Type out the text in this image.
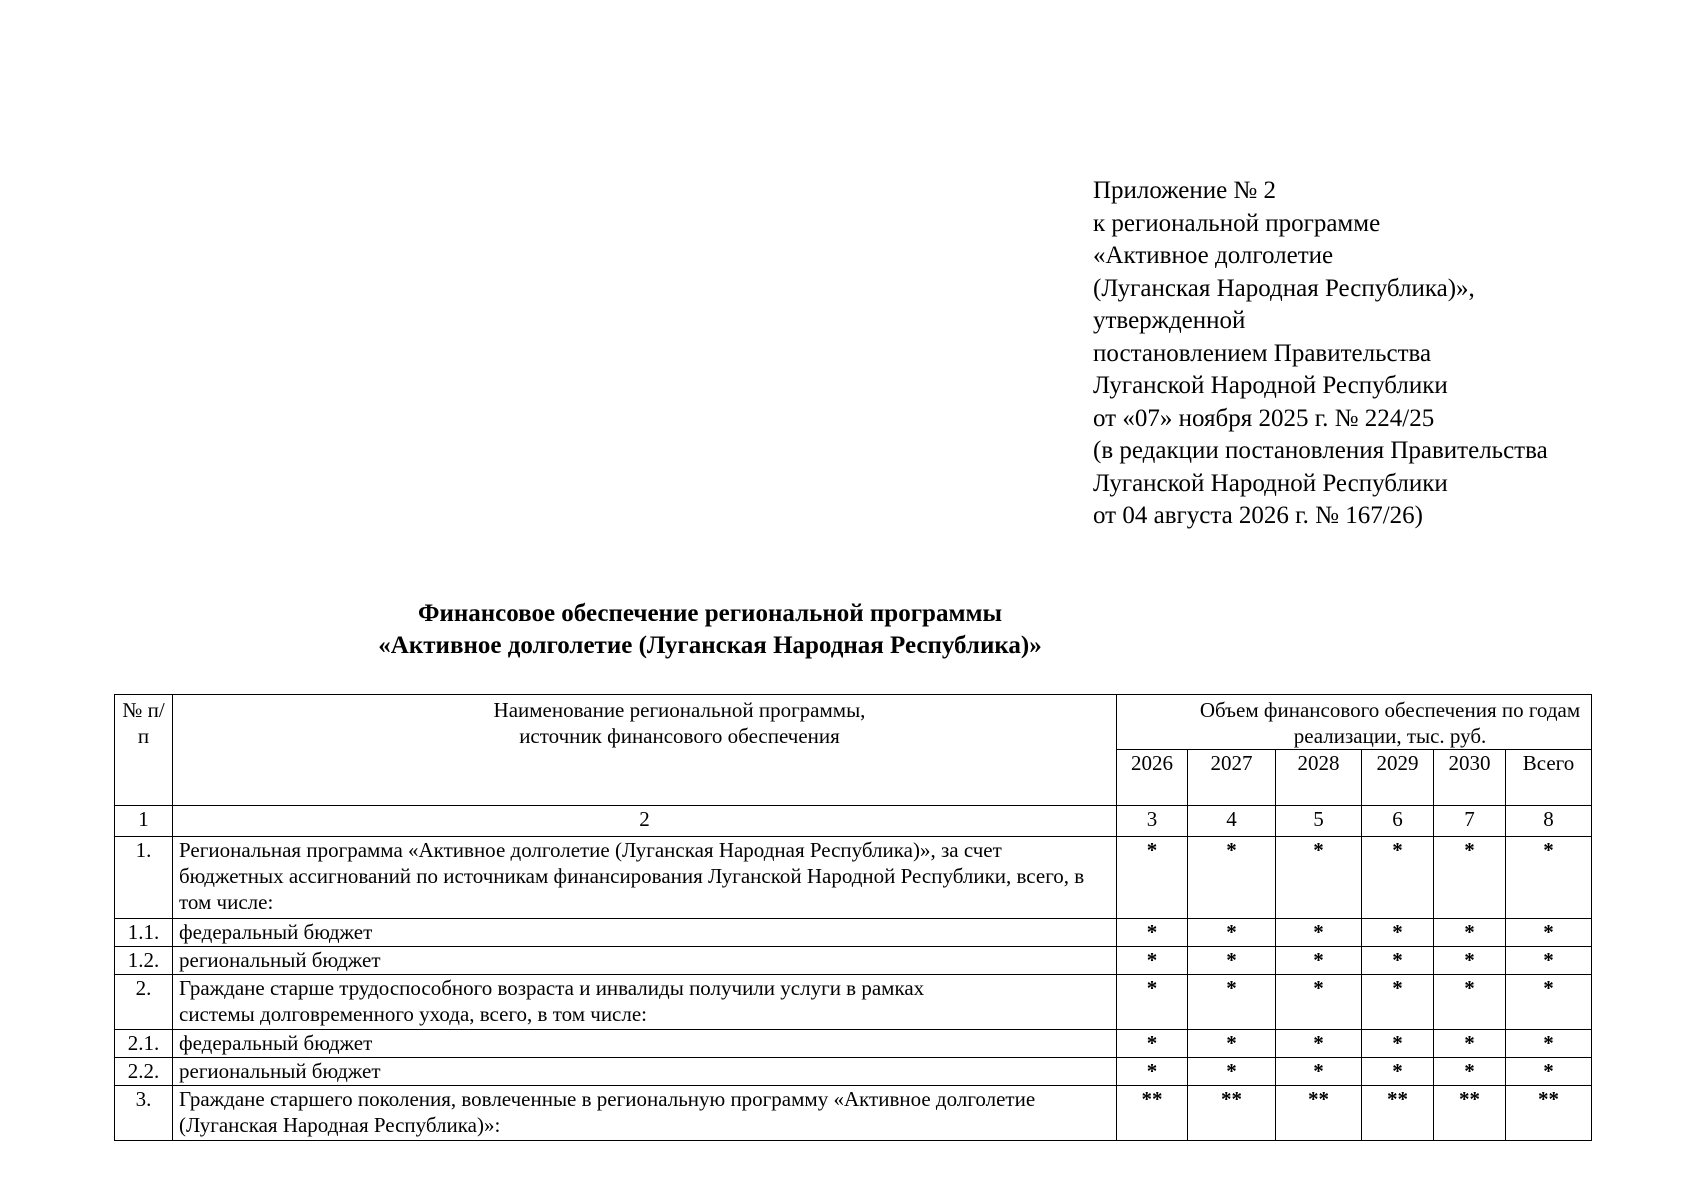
Приложение № 2
к региональной программе
«Активное долголетие
(Луганская Народная Республика)»,
утвержденной
постановлением Правительства
Луганской Народной Республики
от «07» ноября 2025 г. № 224/25
(в редакции постановления Правительства
Луганской Народной Республики
от 04 августа 2026 г. № 167/26)
Финансовое обеспечение региональной программы
«Активное долголетие (Луганская Народная Республика)»
№ п/п	Наименование региональной программы, источник финансового обеспечения	Объем финансового обеспечения по годам реализации, тыс. руб.					
		2026	2027	2028	2029	2030	Всего
1	2	3	4	5	6	7	8
1.	Региональная программа «Активное долголетие (Луганская Народная Республика)», за счет бюджетных ассигнований по источникам финансирования Луганской Народной Республики, всего, в том числе:	*	*	*	*	*	*
1.1.	федеральный бюджет	*	*	*	*	*	*
1.2.	региональный бюджет	*	*	*	*	*	*
2.	Граждане старше трудоспособного возраста и инвалиды получили услуги в рамках системы долговременного ухода, всего, в том числе:	*	*	*	*	*	*
2.1.	федеральный бюджет	*	*	*	*	*	*
2.2.	региональный бюджет	*	*	*	*	*	*
3.	Граждане старшего поколения, вовлеченные в региональную программу «Активное долголетие (Луганская Народная Республика)»:	**	**	**	**	**	**
